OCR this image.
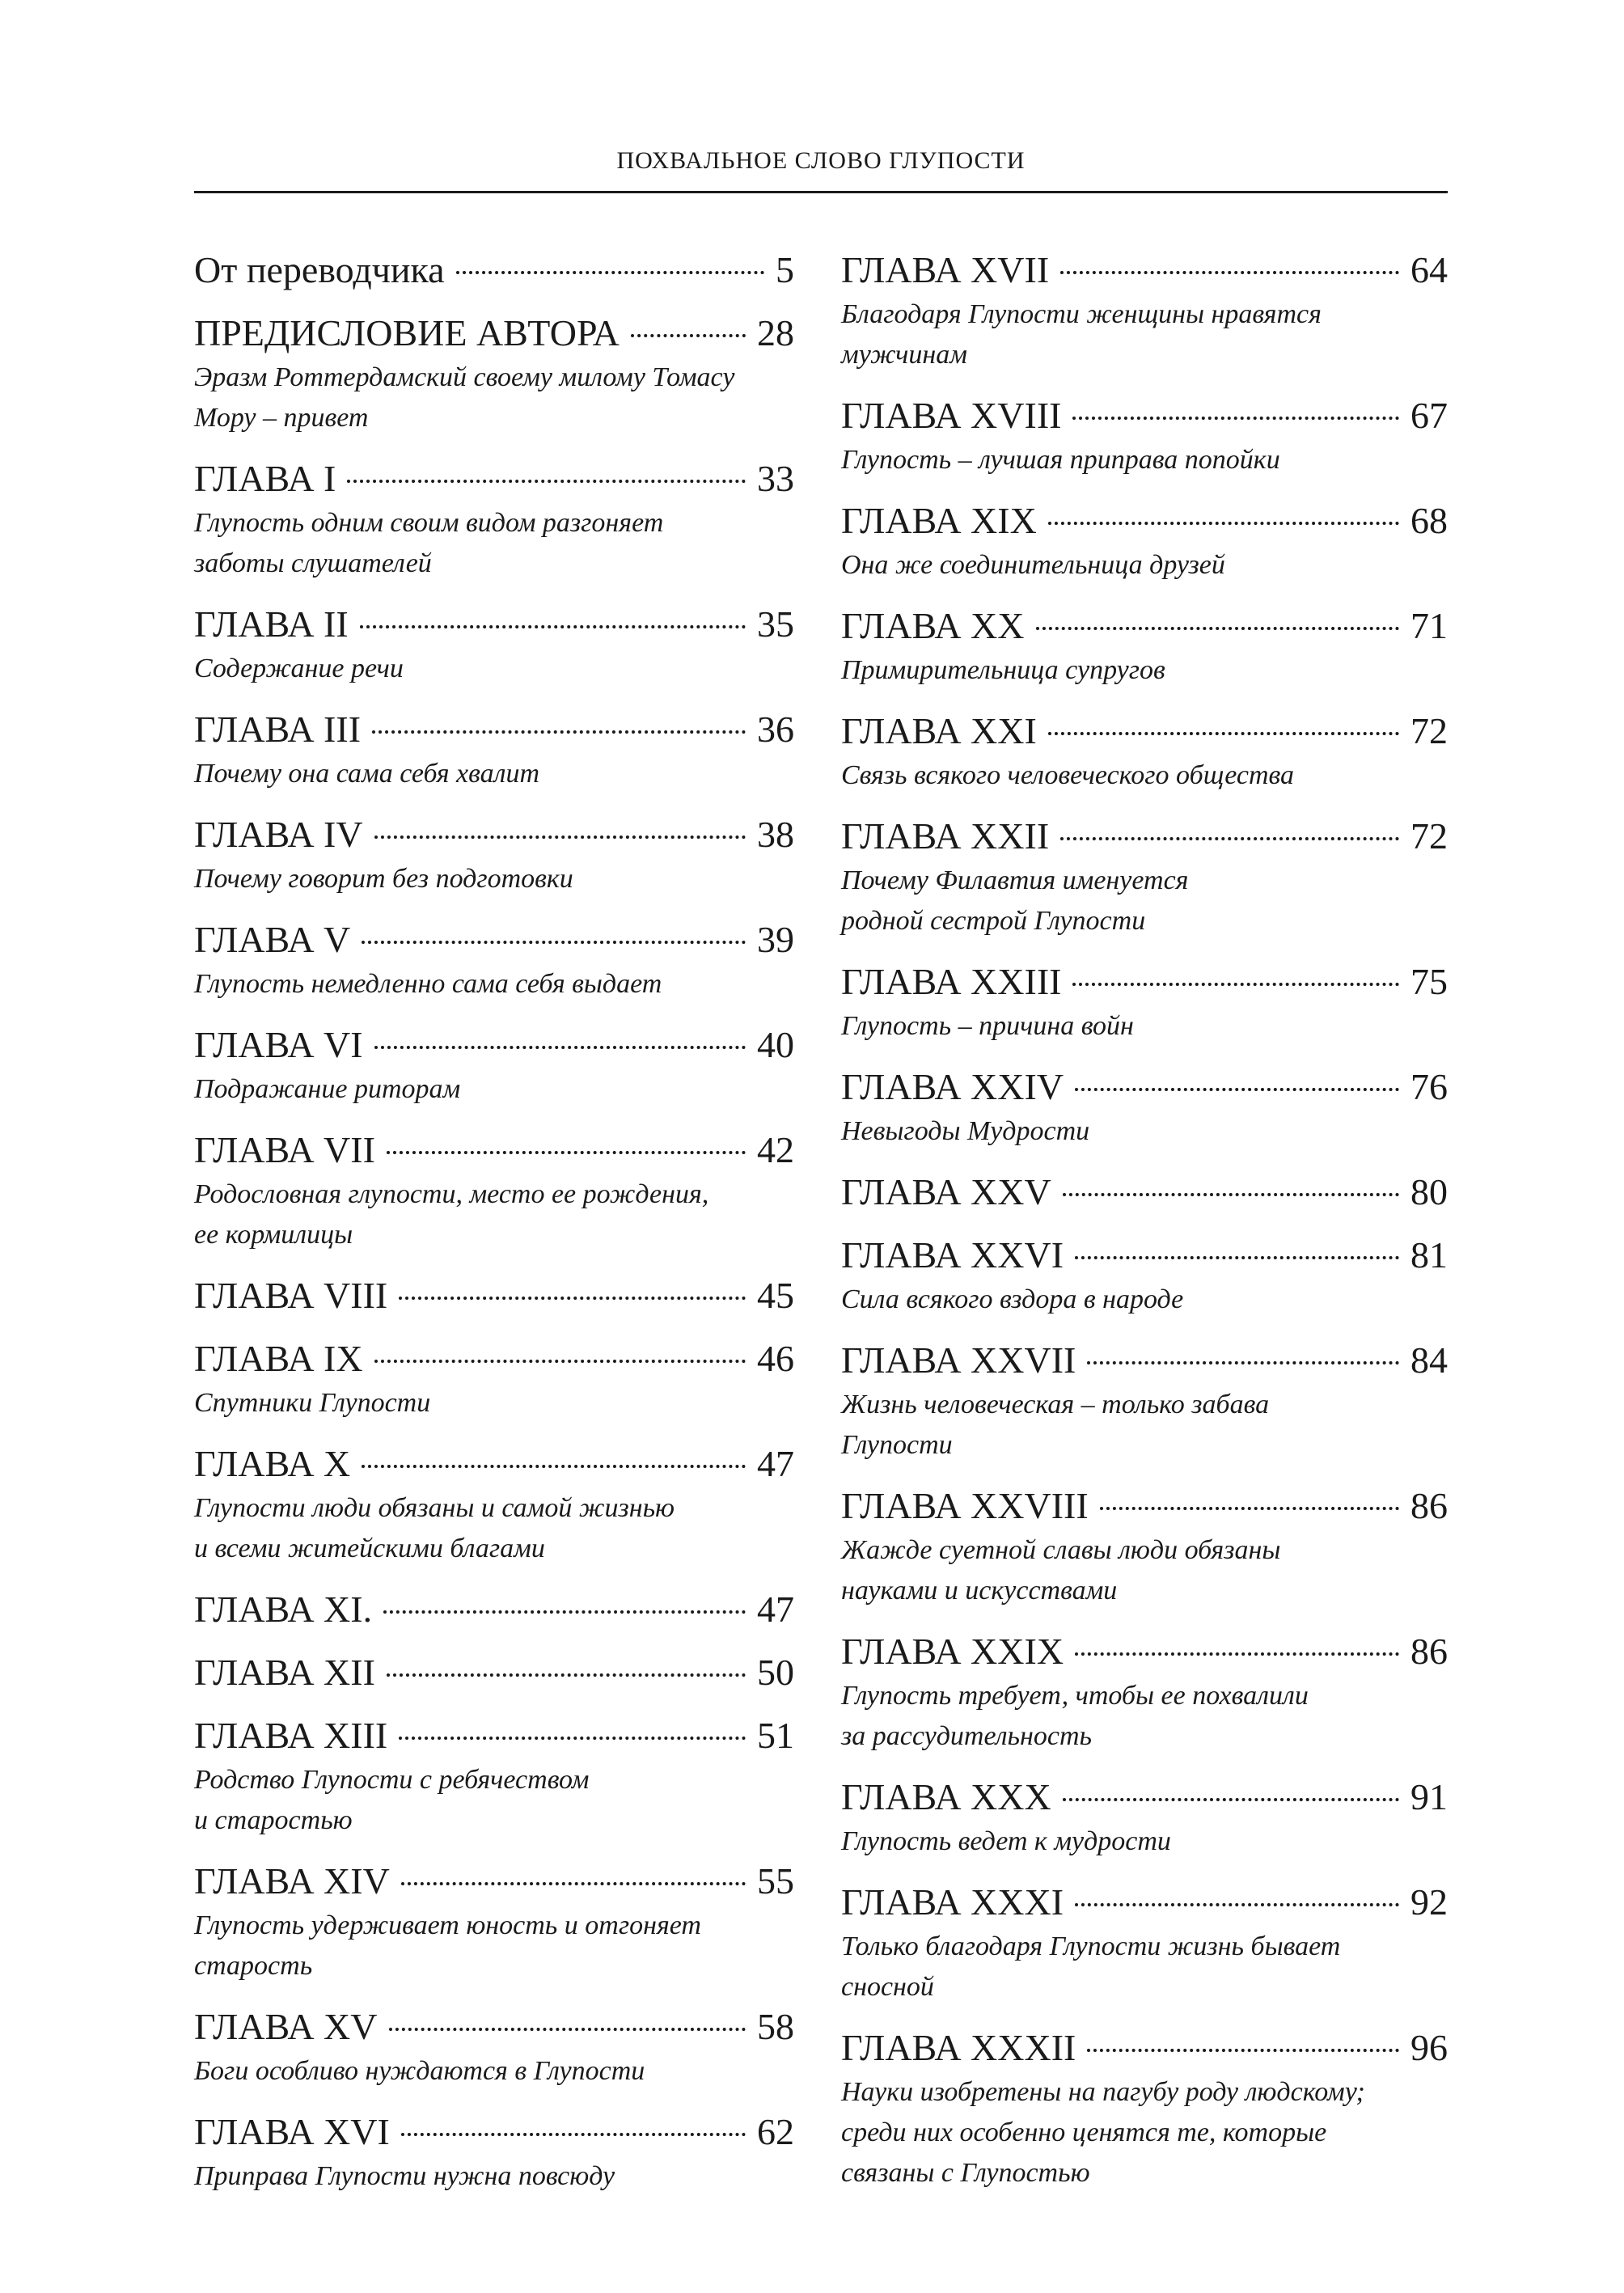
ПОХВАЛЬНОЕ СЛОВО ГЛУПОСТИ
От переводчика	5
ПРЕДИСЛОВИЕ АВТОРА	28
Эразм Роттердамский своему милому Томасу
Мору – привет
ГЛАВА I	33
Глупость одним своим видом разгоняет
заботы слушателей
ГЛАВА II	35
Содержание речи
ГЛАВА III	36
Почему она сама себя хвалит
ГЛАВА IV	38
Почему говорит без подготовки
ГЛАВА V	39
Глупость немедленно сама себя выдает
ГЛАВА VI	40
Подражание риторам
ГЛАВА VII	42
Родословная глупости, место ее рождения,
ее кормилицы
ГЛАВА VIII	45
ГЛАВА IX	46
Спутники Глупости
ГЛАВА X	47
Глупости люди обязаны и самой жизнью
и всеми житейскими благами
ГЛАВА XI.	47
ГЛАВА XII	50
ГЛАВА XIII	51
Родство Глупости с ребячеством
и старостью
ГЛАВА XIV	55
Глупость удерживает юность и отгоняет
старость
ГЛАВА XV	58
Боги особливо нуждаются в Глупости
ГЛАВА XVI	62
Приправа Глупости нужна повсюду
ГЛАВА XVII	64
Благодаря Глупости женщины нравятся
мужчинам
ГЛАВА XVIII	67
Глупость – лучшая приправа попойки
ГЛАВА XIX	68
Она же соединительница друзей
ГЛАВА XX	71
Примирительница супругов
ГЛАВА XXI	72
Связь всякого человеческого общества
ГЛАВА XXII	72
Почему Филавтия именуется
родной сестрой Глупости
ГЛАВА XXIII	75
Глупость – причина войн
ГЛАВА XXIV	76
Невыгоды Мудрости
ГЛАВА XXV	80
ГЛАВА XXVI	81
Сила всякого вздора в народе
ГЛАВА XXVII	84
Жизнь человеческая – только забава
Глупости
ГЛАВА XXVIII	86
Жажде суетной славы люди обязаны
науками и искусствами
ГЛАВА XXIX	86
Глупость требует, чтобы ее похвалили
за рассудительность
ГЛАВА XXX	91
Глупость ведет к мудрости
ГЛАВА XXXI	92
Только благодаря Глупости жизнь бывает
сносной
ГЛАВА XXXII	96
Науки изобретены на пагубу роду людскому;
среди них особенно ценятся те, которые
связаны с Глупостью
